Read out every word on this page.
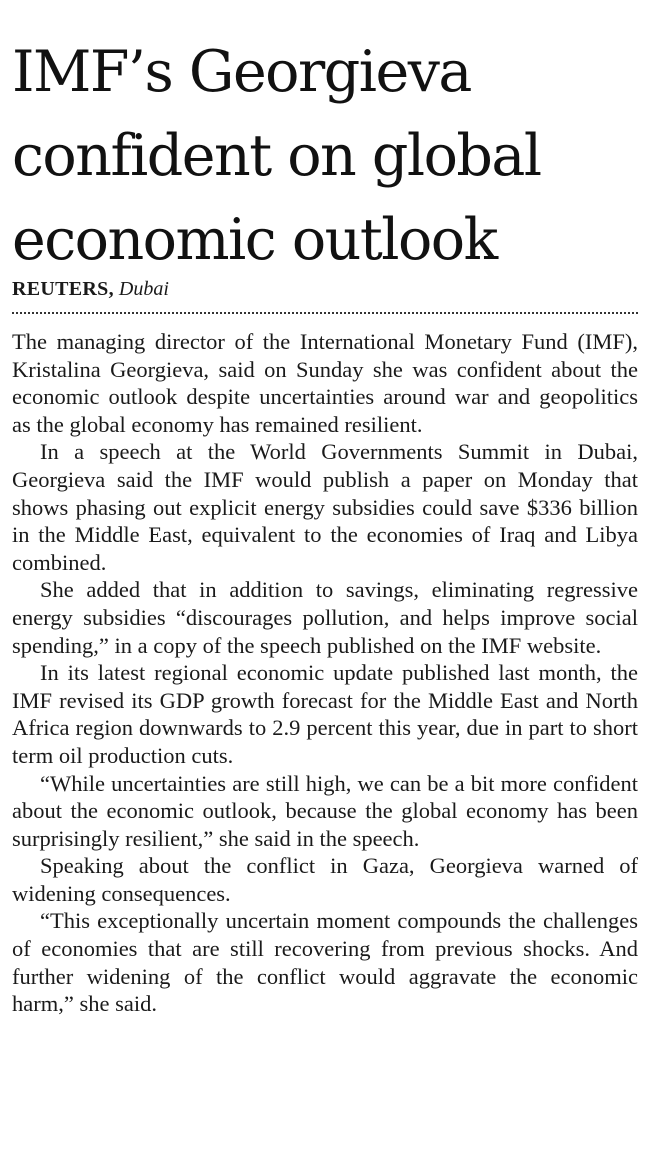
IMF’s Georgieva
confident on global
economic outlook
REUTERS, Dubai

The managing director of the International Monetary Fund (IMF), Kristalina Georgieva, said on Sunday she was confident about the economic outlook despite uncertainties around war and geopolitics as the global economy has remained resilient.

In a speech at the World Governments Summit in Dubai, Georgieva said the IMF would publish a paper on Monday that shows phasing out explicit energy subsidies could save $336 billion in the Middle East, equivalent to the economies of Iraq and Libya combined.

She added that in addition to savings, eliminating regressive energy subsidies “discourages pollution, and helps improve social spending,” in a copy of the speech published on the IMF website.

In its latest regional economic update published last month, the IMF revised its GDP growth forecast for the Middle East and North Africa region downwards to 2.9 percent this year, due in part to short term oil production cuts.

“While uncertainties are still high, we can be a bit more confident about the economic outlook, because the global economy has been surprisingly resilient,” she said in the speech.

Speaking about the conflict in Gaza, Georgieva warned of widening consequences.

“This exceptionally uncertain moment compounds the challenges of economies that are still recovering from previous shocks. And further widening of the conflict would aggravate the economic harm,” she said.
